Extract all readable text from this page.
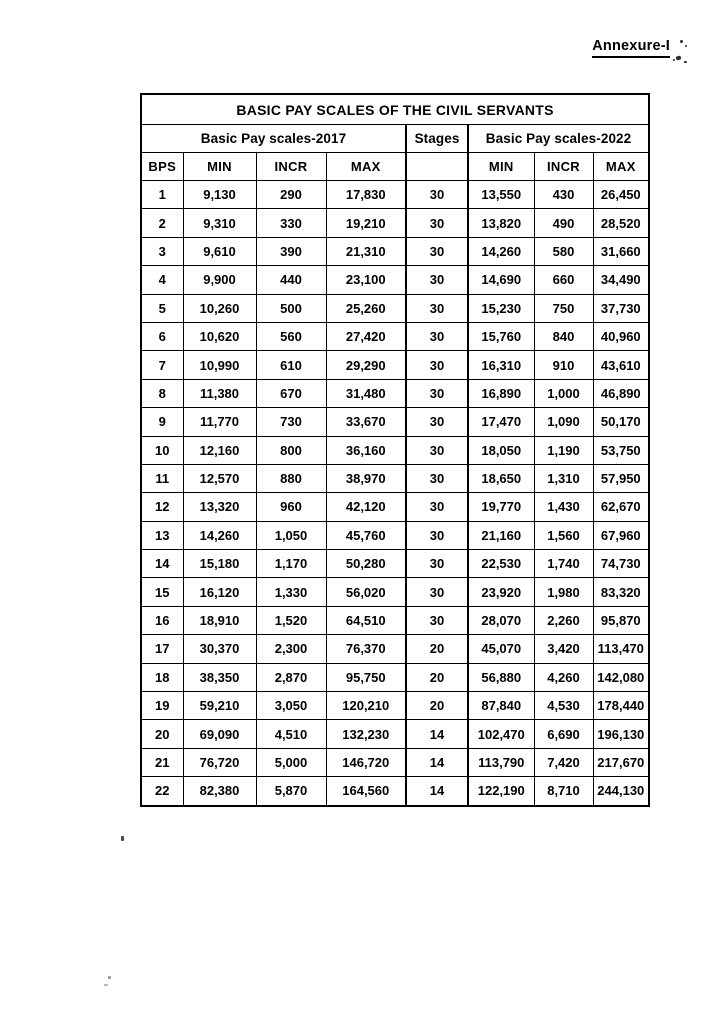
Annexure-I
BASIC PAY SCALES OF THE CIVIL SERVANTS							
Basic Pay scales-2017				Stages	Basic Pay scales-2022		
BPS	MIN	INCR	MAX		MIN	INCR	MAX
1	9,130	290	17,830	30	13,550	430	26,450
2	9,310	330	19,210	30	13,820	490	28,520
3	9,610	390	21,310	30	14,260	580	31,660
4	9,900	440	23,100	30	14,690	660	34,490
5	10,260	500	25,260	30	15,230	750	37,730
6	10,620	560	27,420	30	15,760	840	40,960
7	10,990	610	29,290	30	16,310	910	43,610
8	11,380	670	31,480	30	16,890	1,000	46,890
9	11,770	730	33,670	30	17,470	1,090	50,170
10	12,160	800	36,160	30	18,050	1,190	53,750
11	12,570	880	38,970	30	18,650	1,310	57,950
12	13,320	960	42,120	30	19,770	1,430	62,670
13	14,260	1,050	45,760	30	21,160	1,560	67,960
14	15,180	1,170	50,280	30	22,530	1,740	74,730
15	16,120	1,330	56,020	30	23,920	1,980	83,320
16	18,910	1,520	64,510	30	28,070	2,260	95,870
17	30,370	2,300	76,370	20	45,070	3,420	113,470
18	38,350	2,870	95,750	20	56,880	4,260	142,080
19	59,210	3,050	120,210	20	87,840	4,530	178,440
20	69,090	4,510	132,230	14	102,470	6,690	196,130
21	76,720	5,000	146,720	14	113,790	7,420	217,670
22	82,380	5,870	164,560	14	122,190	8,710	244,130
